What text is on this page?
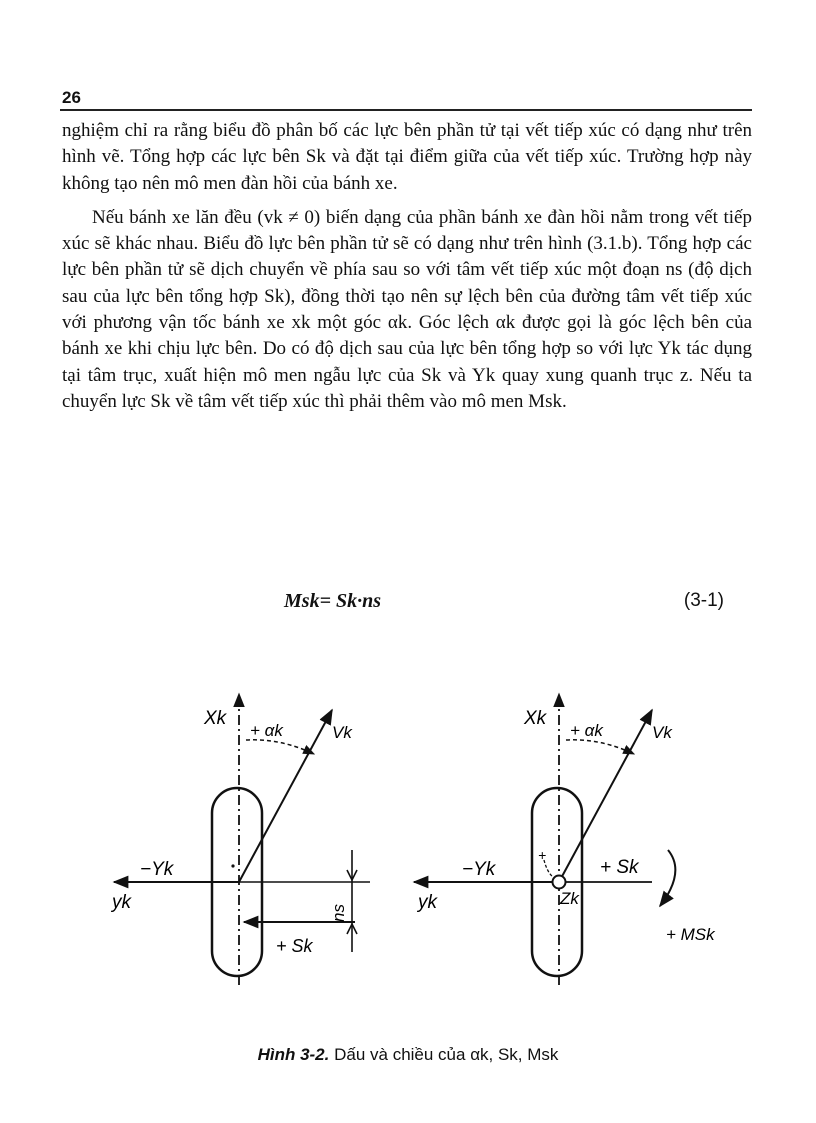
26

nghiệm chỉ ra rằng biểu đồ phân bố các lực bên phần tử tại vết tiếp xúc có dạng như trên hình vẽ. Tổng hợp các lực bên Sk và đặt tại điểm giữa của vết tiếp xúc. Trường hợp này không tạo nên mô men đàn hồi của bánh xe.

Nếu bánh xe lăn đều (vk ≠ 0) biến dạng của phần bánh xe đàn hồi nằm trong vết tiếp xúc sẽ khác nhau. Biểu đồ lực bên phần tử sẽ có dạng như trên hình (3.1.b). Tổng hợp các lực bên phần tử sẽ dịch chuyển về phía sau so với tâm vết tiếp xúc một đoạn ns (độ dịch sau của lực bên tổng hợp Sk), đồng thời tạo nên sự lệch bên của đường tâm vết tiếp xúc với phương vận tốc bánh xe xk một góc αk. Góc lệch αk được gọi là góc lệch bên của bánh xe khi chịu lực bên. Do có độ dịch sau của lực bên tổng hợp so với lực Yk tác dụng tại tâm trục, xuất hiện mô men ngẫu lực của Sk và Yk quay xung quanh trục z. Nếu ta chuyển lực Sk về tâm vết tiếp xúc thì phải thêm vào mô men Msk.

Msk= Sk·ns	(3-1)
Xk
+ αk	Vk
−Yk
yk
ns
+ Sk
Xk
+ αk	Vk
−Yk
yk
+
Zk
+ Sk
+ MSk
Hình 3-2. Dấu và chiều của αk, Sk, Msk
